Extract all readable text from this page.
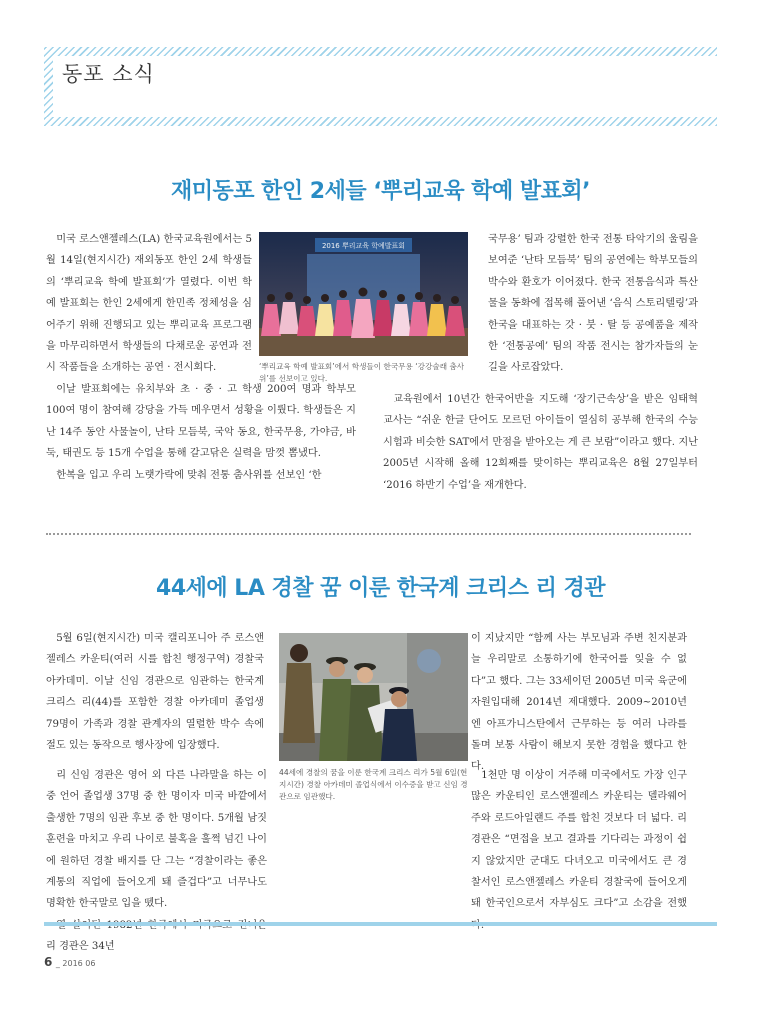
동포 소식
재미동포 한인 2세들 ‘뿌리교육 학예 발표회’

미국 로스앤젤레스(LA) 한국교육원에서는 5월 14일(현지시간) 재외동포 한인 2세 학생들의 ‘뿌리교육 학예 발표회’가 열렸다. 이번 학예 발표회는 한인 2세에게 한민족 정체성을 심어주기 위해 진행되고 있는 뿌리교육 프로그램을 마무리하면서 학생들의 다채로운 공연과 전시 작품들을 소개하는 공연 · 전시회다.

2016 뿌리교육 학예발표회
‘뿌리교육 학예 발표회’에서 학생들이 한국무용 ‘강강술래 춤사위’를 선보이고 있다.

국무용’ 팀과 강렬한 한국 전통 타악기의 울림을 보여준 ‘난타 모듬북’ 팀의 공연에는 학부모들의 박수와 환호가 이어졌다. 한국 전통음식과 특산물을 동화에 접목해 풀어낸 ‘음식 스토리텔링’과 한국을 대표하는 갓 · 붓 · 탈 등 공예품을 제작한 ‘전통공예’ 팀의 작품 전시는 참가자들의 눈길을 사로잡았다.

이날 발표회에는 유치부와 초 · 중 · 고 학생 200여 명과 학부모 100여 명이 참여해 강당을 가득 메우면서 성황을 이뤘다. 학생들은 지난 14주 동안 사물놀이, 난타 모듬북, 국악 동요, 한국무용, 가야금, 바둑, 태권도 등 15개 수업을 통해 갈고닦은 실력을 맘껏 뽐냈다.

한복을 입고 우리 노랫가락에 맞춰 전통 춤사위를 선보인 ‘한

교육원에서 10년간 한국어반을 지도해 ‘장기근속상’을 받은 임태혁 교사는 “쉬운 한글 단어도 모르던 아이들이 열심히 공부해 한국의 수능시험과 비슷한 SAT에서 만점을 받아오는 게 큰 보람”이라고 했다. 지난 2005년 시작해 올해 12회째를 맞이하는 뿌리교육은 8월 27일부터 ‘2016 하반기 수업’을 재개한다.

44세에 LA 경찰 꿈 이룬 한국계 크리스 리 경관

5월 6일(현지시간) 미국 캘리포니아 주 로스앤젤레스 카운티(여러 시를 합친 행정구역) 경찰국 아카데미. 이날 신임 경관으로 임관하는 한국계 크리스 리(44)를 포함한 경찰 아카데미 졸업생 79명이 가족과 경찰 관계자의 열렬한 박수 속에 절도 있는 동작으로 행사장에 입장했다.

44세에 경찰의 꿈을 이룬 한국계 크리스 리가 5월 6일(현지시간) 경찰 아카데미 졸업식에서 이수증을 받고 신임 경관으로 임관했다.

이 지났지만 “함께 사는 부모님과 주변 친지분과 늘 우리말로 소통하기에 한국어를 잊을 수 없다”고 했다. 그는 33세이던 2005년 미국 육군에 자원입대해 2014년 제대했다. 2009~2010년엔 아프가니스탄에서 근무하는 등 여러 나라를 돌며 보통 사람이 해보지 못한 경험을 했다고 한다.

리 신임 경관은 영어 외 다른 나라말을 하는 이중 언어 졸업생 37명 중 한 명이자 미국 바깥에서 출생한 7명의 임관 후보 중 한 명이다. 5개월 남짓 훈련을 마치고 우리 나이로 불혹을 훌쩍 넘긴 나이에 원하던 경찰 배지를 단 그는 “경찰이라는 좋은 계통의 직업에 들어오게 돼 즐겁다”고 너무나도 명확한 한국말로 입을 뗐다.

리 경관은 34년

1천만 명 이상이 거주해 미국에서도 가장 인구 많은 카운티인 로스앤젤레스 카운티는 델라웨어 주와 로드아일랜드 주를 합친 것보다 더 넓다. 리 경관은 “면접을 보고 결과를 기다리는 과정이 쉽지 않았지만 군대도 다녀오고 미국에서도 큰 경찰서인 로스앤젤레스 카운티 경찰국에 들어오게 돼 한국인으로서 자부심도 크다”고 소감을 전했

6 _ 2016 06
